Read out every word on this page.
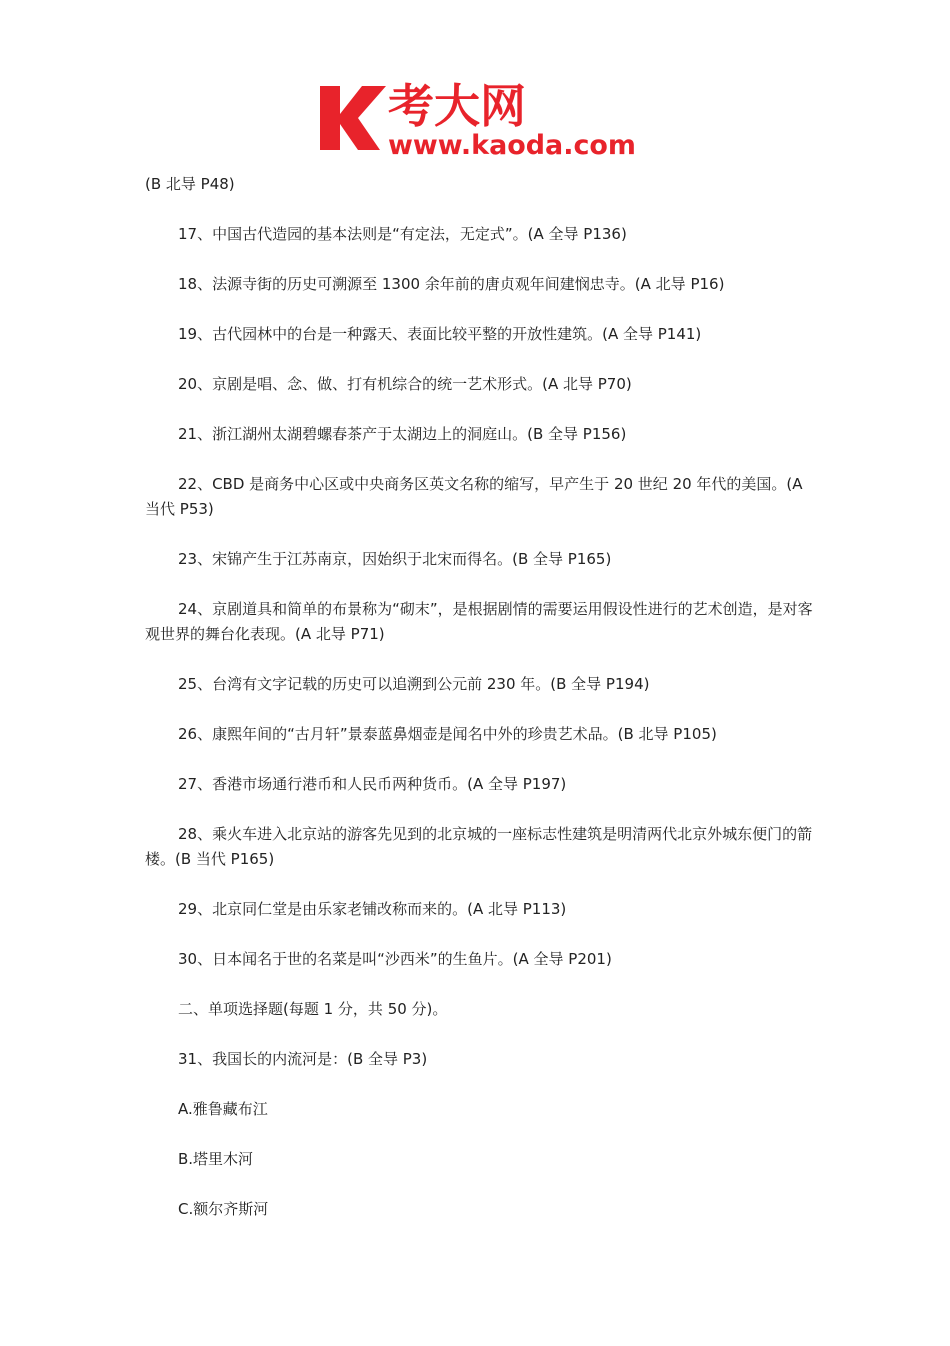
考大网
www.kaoda.com

(B 北导 P48)

17、中国古代造园的基本法则是“有定法，无定式”。(A 全导 P136)

18、法源寺街的历史可溯源至 1300 余年前的唐贞观年间建悯忠寺。(A 北导 P16)

19、古代园林中的台是一种露天、表面比较平整的开放性建筑。(A 全导 P141)

20、京剧是唱、念、做、打有机综合的统一艺术形式。(A 北导 P70)

21、浙江湖州太湖碧螺春茶产于太湖边上的洞庭山。(B 全导 P156)

22、CBD 是商务中心区或中央商务区英文名称的缩写，早产生于 20 世纪 20 年代的美国。(A 当代 P53)

23、宋锦产生于江苏南京，因始织于北宋而得名。(B 全导 P165)

24、京剧道具和简单的布景称为“砌末”，是根据剧情的需要运用假设性进行的艺术创造，是对客观世界的舞台化表现。(A 北导 P71)

25、台湾有文字记载的历史可以追溯到公元前 230 年。(B 全导 P194)

26、康熙年间的“古月轩”景泰蓝鼻烟壶是闻名中外的珍贵艺术品。(B 北导 P105)

27、香港市场通行港币和人民币两种货币。(A 全导 P197)

28、乘火车进入北京站的游客先见到的北京城的一座标志性建筑是明清两代北京外城东便门的箭楼。(B 当代 P165)

29、北京同仁堂是由乐家老铺改称而来的。(A 北导 P113)

30、日本闻名于世的名菜是叫“沙西米”的生鱼片。(A 全导 P201)

二、单项选择题(每题 1 分，共 50 分)。

31、我国长的内流河是：(B 全导 P3)

A.雅鲁藏布江

B.塔里木河

C.额尔齐斯河
